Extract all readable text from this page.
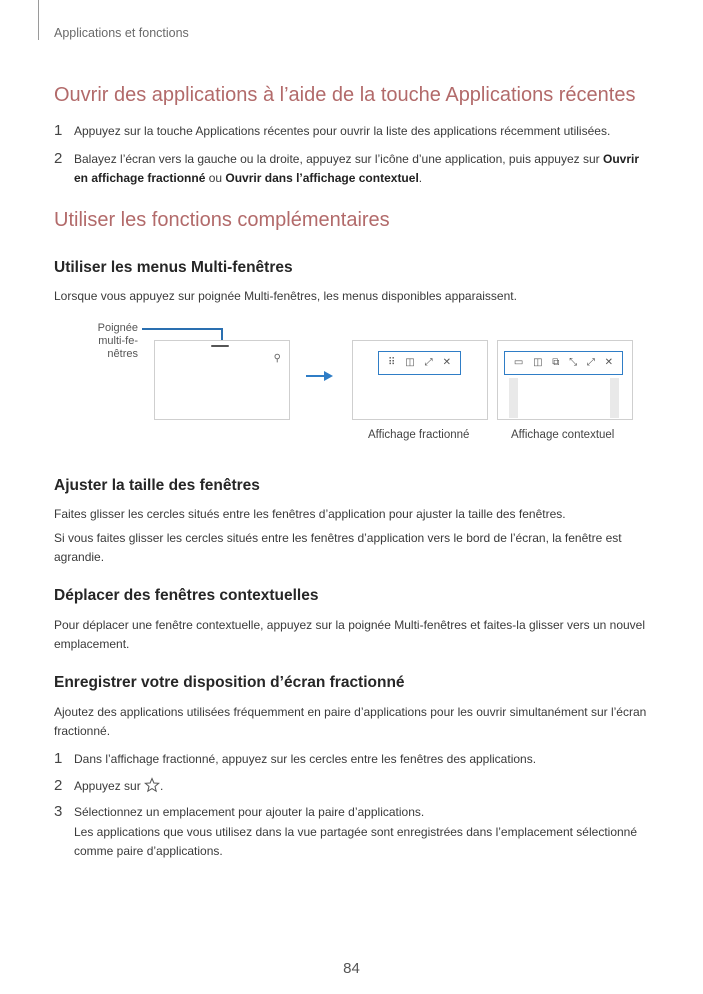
Applications et fonctions
Ouvrir des applications à l’aide de la touche Applications récentes
1 Appuyez sur la touche Applications récentes pour ouvrir la liste des applications récemment utilisées.
2 Balayez l’écran vers la gauche ou la droite, appuyez sur l’icône d’une application, puis appuyez sur Ouvrir en affichage fractionné ou Ouvrir dans l’affichage contextuel.
Utiliser les fonctions complémentaires
Utiliser les menus Multi-fenêtres
Lorsque vous appuyez sur poignée Multi-fenêtres, les menus disponibles apparaissent.
Poignée multi-fe-nêtres	⚲	⠿ ◫ ⤢ ✕	▭ ◫ ⧉ ⤡ ⤢ ✕
Affichage fractionné	Affichage contextuel
Ajuster la taille des fenêtres
Faites glisser les cercles situés entre les fenêtres d’application pour ajuster la taille des fenêtres.
Si vous faites glisser les cercles situés entre les fenêtres d’application vers le bord de l’écran, la fenêtre est agrandie.
Déplacer des fenêtres contextuelles
Pour déplacer une fenêtre contextuelle, appuyez sur la poignée Multi-fenêtres et faites-la glisser vers un nouvel emplacement.
Enregistrer votre disposition d’écran fractionné
Ajoutez des applications utilisées fréquemment en paire d’applications pour les ouvrir simultanément sur l’écran fractionné.
1 Dans l’affichage fractionné, appuyez sur les cercles entre les fenêtres des applications.
2 Appuyez sur .
3 Sélectionnez un emplacement pour ajouter la paire d’applications.
Les applications que vous utilisez dans la vue partagée sont enregistrées dans l’emplacement sélectionné comme paire d’applications.
84
